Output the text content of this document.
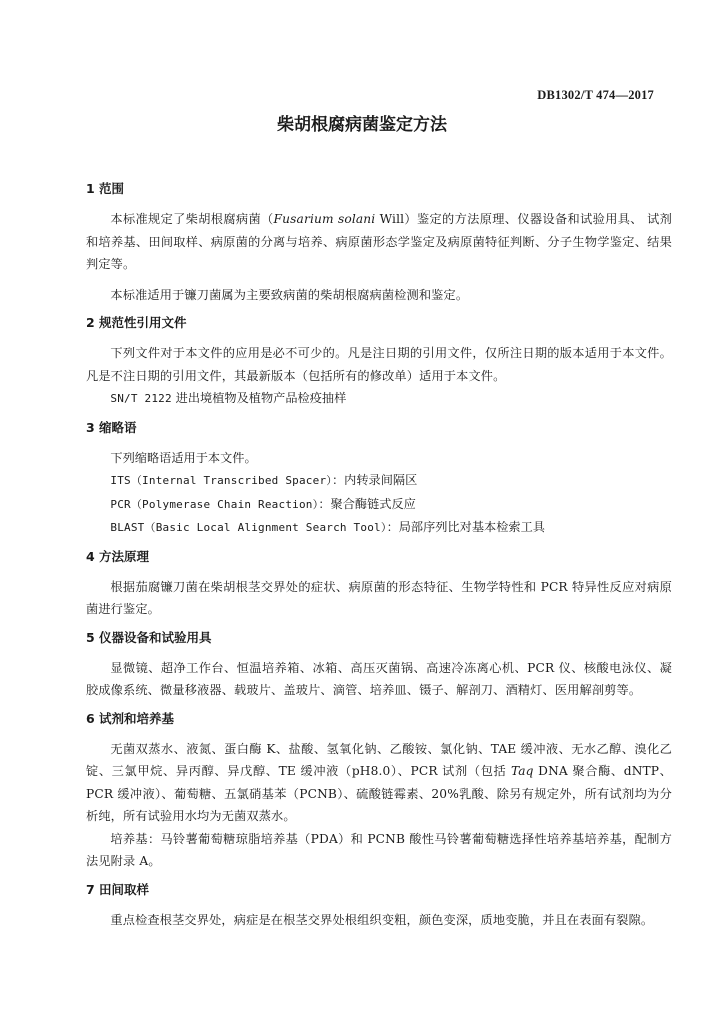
DB1302/T 474—2017
柴胡根腐病菌鉴定方法
1 范围

本标准规定了柴胡根腐病菌（Fusarium solani Will）鉴定的方法原理、仪器设备和试验用具、 试剂和培养基、田间取样、病原菌的分离与培养、病原菌形态学鉴定及病原菌特征判断、分子生物学鉴定、结果判定等。

本标准适用于镰刀菌属为主要致病菌的柴胡根腐病菌检测和鉴定。

2 规范性引用文件

下列文件对于本文件的应用是必不可少的。凡是注日期的引用文件，仅所注日期的版本适用于本文件。凡是不注日期的引用文件，其最新版本（包括所有的修改单）适用于本文件。

SN/T 2122 进出境植物及植物产品检疫抽样

3 缩略语

下列缩略语适用于本文件。

ITS（Internal Transcribed Spacer）：内转录间隔区

PCR（Polymerase Chain Reaction）：聚合酶链式反应

BLAST（Basic Local Alignment Search Tool）：局部序列比对基本检索工具

4 方法原理

根据茄腐镰刀菌在柴胡根茎交界处的症状、病原菌的形态特征、生物学特性和 PCR 特异性反应对病原菌进行鉴定。

5 仪器设备和试验用具

显微镜、超净工作台、恒温培养箱、冰箱、高压灭菌锅、高速冷冻离心机、PCR 仪、核酸电泳仪、凝胶成像系统、微量移液器、载玻片、盖玻片、滴管、培养皿、镊子、解剖刀、酒精灯、医用解剖剪等。

6 试剂和培养基

无菌双蒸水、液氮、蛋白酶 K、盐酸、氢氧化钠、乙酸铵、氯化钠、TAE 缓冲液、无水乙醇、溴化乙锭、三氯甲烷、异丙醇、异戊醇、TE 缓冲液（pH8.0）、PCR 试剂（包括 Taq DNA 聚合酶、dNTP、PCR 缓冲液）、葡萄糖、五氯硝基苯（PCNB）、硫酸链霉素、20%乳酸、除另有规定外，所有试剂均为分析纯，所有试验用水均为无菌双蒸水。

培养基：马铃薯葡萄糖琼脂培养基（PDA）和 PCNB 酸性马铃薯葡萄糖选择性培养基培养基，配制方法见附录 A。

7 田间取样

重点检查根茎交界处，病症是在根茎交界处根组织变粗，颜色变深，质地变脆，并且在表面有裂隙。
